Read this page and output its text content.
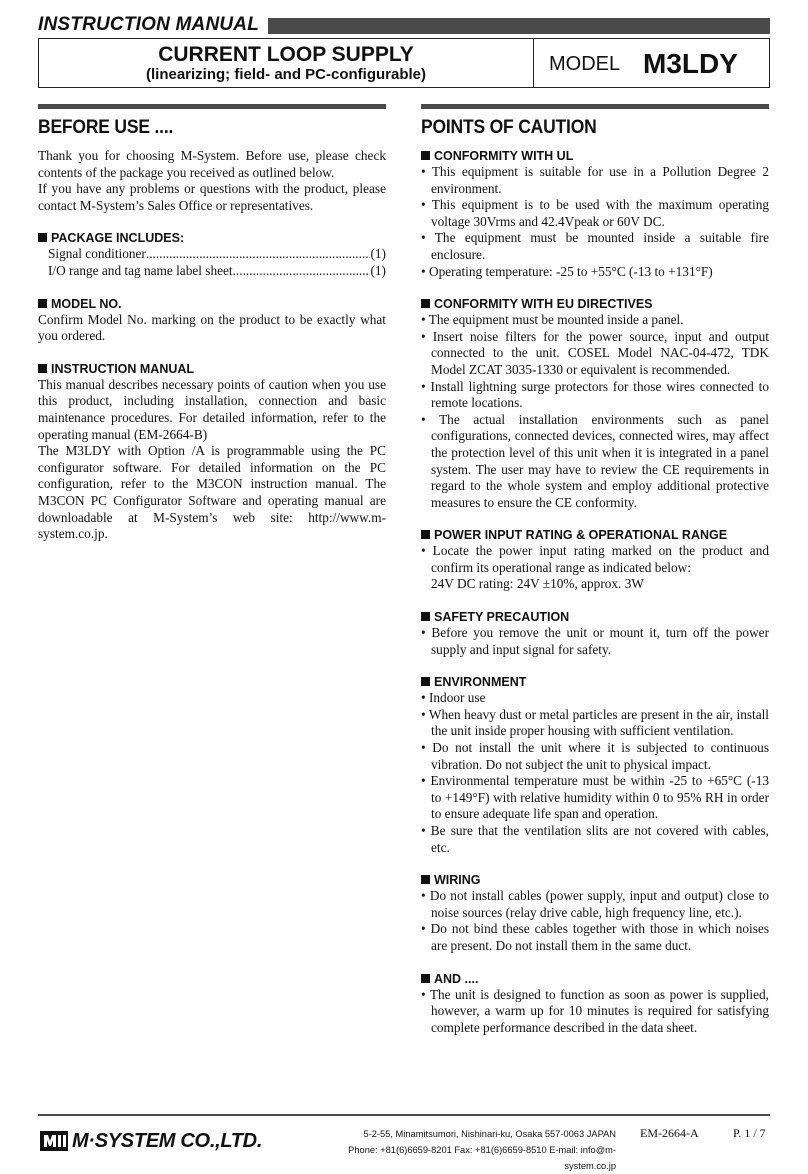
INSTRUCTION MANUAL
CURRENT LOOP SUPPLY
(linearizing; field- and PC-configurable)	MODEL M3LDY
BEFORE USE ....

Thank you for choosing M-System. Before use, please check contents of the package you received as outlined below.

If you have any problems or questions with the product, please contact M-System’s Sales Office or representatives.

PACKAGE INCLUDES:
Signal conditioner .....	(1)
I/O range and tag name label sheet .....	(1)
MODEL NO.

Confirm Model No. marking on the product to be exactly what you ordered.

INSTRUCTION MANUAL

This manual describes necessary points of caution when you use this product, including installation, connection and basic maintenance procedures. For detailed information, refer to the operating manual (EM-2664-B)

The M3LDY with Option /A is programmable using the PC configurator software. For detailed information on the PC configuration, refer to the M3CON instruction manual. The M3CON PC Configurator Software and operating manual are downloadable at M-System’s web site: http://www.m-system.co.jp.

POINTS OF CAUTION
CONFORMITY WITH UL
• This equipment is suitable for use in a Pollution Degree 2 environment.
• This equipment is to be used with the maximum operating voltage 30Vrms and 42.4Vpeak or 60V DC.
• The equipment must be mounted inside a suitable fire enclosure.
• Operating temperature: -25 to +55°C (-13 to +131°F)
CONFORMITY WITH EU DIRECTIVES
• The equipment must be mounted inside a panel.
• Insert noise filters for the power source, input and output connected to the unit. COSEL Model NAC-04-472, TDK Model ZCAT 3035-1330 or equivalent is recommended.
• Install lightning surge protectors for those wires connected to remote locations.
• The actual installation environments such as panel configurations, connected devices, connected wires, may affect the protection level of this unit when it is integrated in a panel system. The user may have to review the CE requirements in regard to the whole system and employ additional protective measures to ensure the CE conformity.
POWER INPUT RATING & OPERATIONAL RANGE
• Locate the power input rating marked on the product and confirm its operational range as indicated below:
24V DC rating: 24V ±10%, approx. 3W
SAFETY PRECAUTION
• Before you remove the unit or mount it, turn off the power supply and input signal for safety.
ENVIRONMENT
• Indoor use
• When heavy dust or metal particles are present in the air, install the unit inside proper housing with sufficient ventilation.
• Do not install the unit where it is subjected to continuous vibration. Do not subject the unit to physical impact.
• Environmental temperature must be within -25 to +65°C (-13 to +149°F) with relative humidity within 0 to 95% RH in order to ensure adequate life span and operation.
• Be sure that the ventilation slits are not covered with cables, etc.
WIRING
• Do not install cables (power supply, input and output) close to noise sources (relay drive cable, high frequency line, etc.).
• Do not bind these cables together with those in which noises are present. Do not install them in the same duct.
AND ....
• The unit is designed to function as soon as power is supplied, however, a warm up for 10 minutes is required for satisfying complete performance described in the data sheet.
M·SYSTEM CO.,LTD.	5-2-55, Minamitsumori, Nishinari-ku, Osaka 557-0063 JAPAN
Phone: +81(6)6659-8201 Fax: +81(6)6659-8510 E-mail: info@m-system.co.jp
EM-2664-A	P. 1 / 7
